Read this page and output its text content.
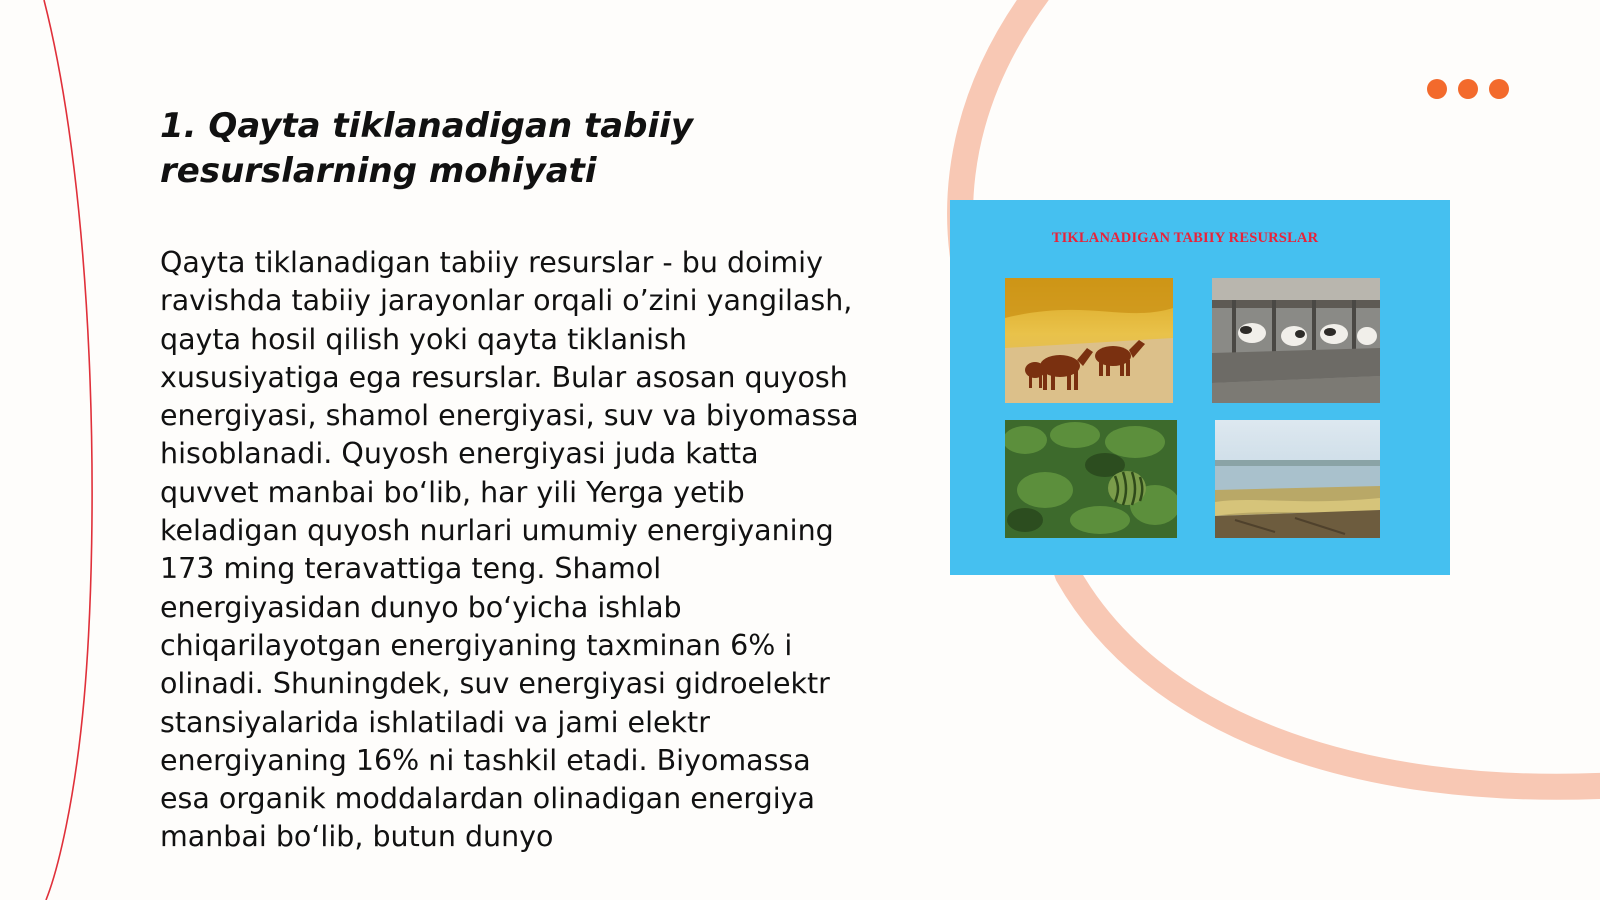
1. Qayta tiklanadigan tabiiy resurslarning mohiyati

Qayta tiklanadigan tabiiy resurslar - bu doimiy ravishda tabiiy jarayonlar orqali o’zini yangilash, qayta hosil qilish yoki qayta tiklanish xususiyatiga ega resurslar. Bular asosan quyosh energiyasi, shamol energiyasi, suv va biyomassa hisoblanadi. Quyosh energiyasi juda katta quvvet manbai bo‘lib, har yili Yerga yetib keladigan quyosh nurlari umumiy energiyaning 173 ming teravattiga teng. Shamol energiyasidan dunyo bo‘yicha ishlab chiqarilayotgan energiyaning taxminan 6% i olinadi. Shuningdek, suv energiyasi gidroelektr stansiyalarida ishlatiladi va jami elektr energiyaning 16% ni tashkil etadi. Biyomassa esa organik moddalardan olinadigan energiya manbai bo‘lib, butun dunyo

TIKLANADIGAN TABIIY RESURSLAR
